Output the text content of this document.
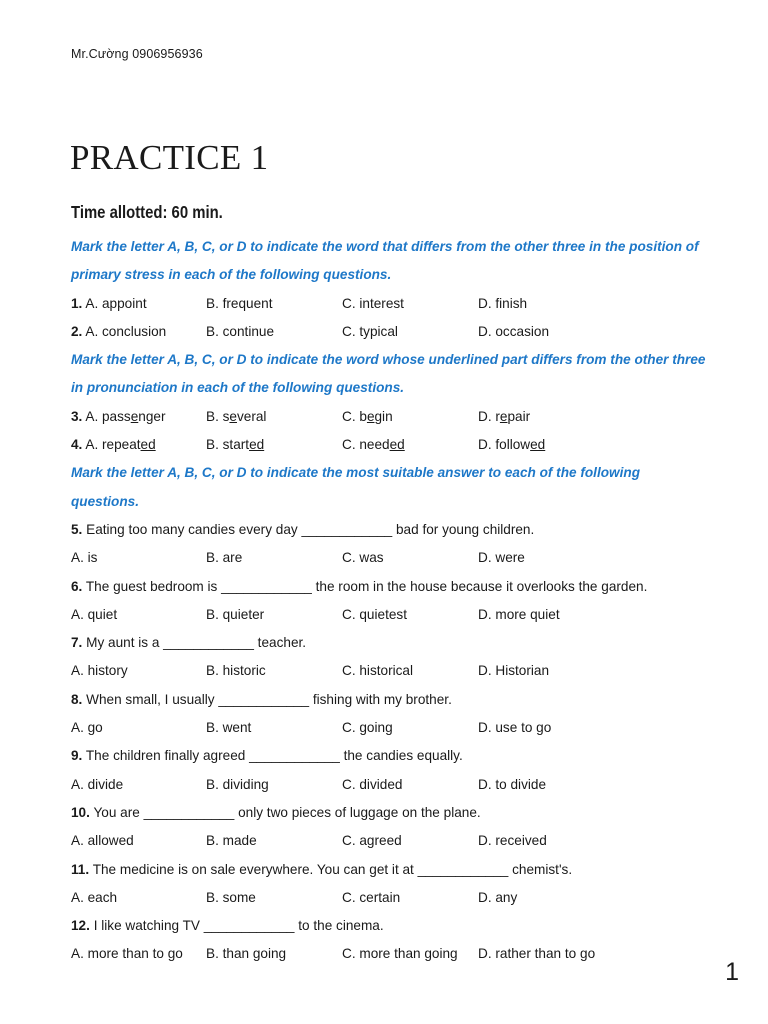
Mr.Cường 0906956936
PRACTICE 1
Time allotted: 60 min.
Mark the letter A, B, C, or D to indicate the word that differs from the other three in the position of primary stress in each of the following questions.
1. A. appoint	B. frequent	C. interest	D. finish
2. A. conclusion	B. continue	C. typical	D. occasion
Mark the letter A, B, C, or D to indicate the word whose underlined part differs from the other three in pronunciation in each of the following questions.
3. A. passenger	B. several	C. begin	D. repair
4. A. repeated	B. started	C. needed	D. followed
Mark the letter A, B, C, or D to indicate the most suitable answer to each of the following questions.
5. Eating too many candies every day ____________ bad for young children.
A. is	B. are	C. was	D. were
6. The guest bedroom is ____________ the room in the house because it overlooks the garden.
A. quiet	B. quieter	C. quietest	D. more quiet
7. My aunt is a ____________ teacher.
A. history	B. historic	C. historical	D. Historian
8. When small, I usually ____________ fishing with my brother.
A. go	B. went	C. going	D. use to go
9. The children finally agreed ____________ the candies equally.
A. divide	B. dividing	C. divided	D. to divide
10. You are ____________ only two pieces of luggage on the plane.
A. allowed	B. made	C. agreed	D. received
11. The medicine is on sale everywhere. You can get it at ____________ chemist's.
A. each	B. some	C. certain	D. any
12. I like watching TV ____________ to the cinema.
A. more than to go B. than going	C. more than going D. rather than to go
1
